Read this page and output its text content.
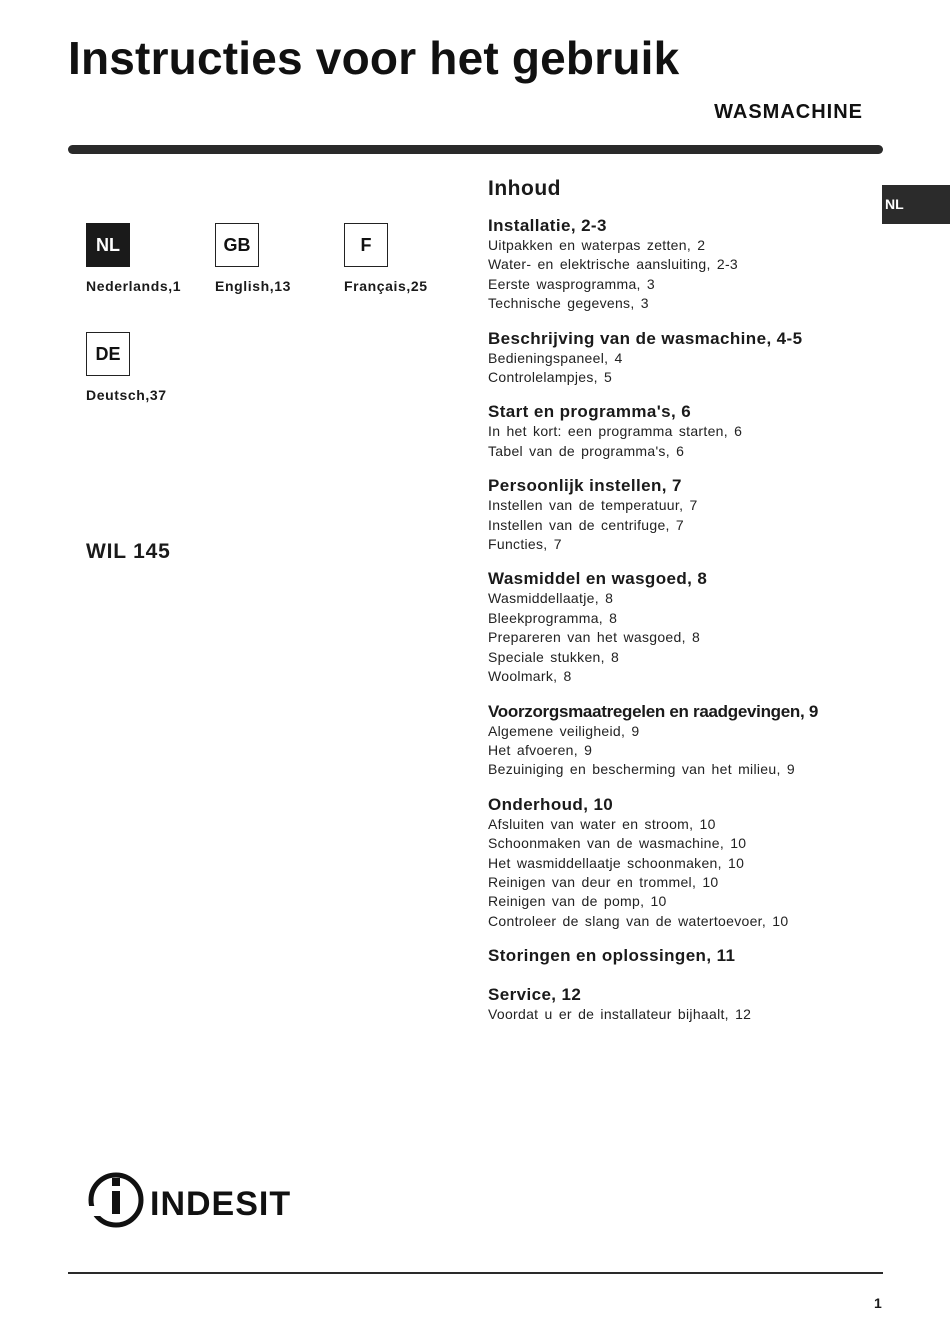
Instructies voor het gebruik
WASMACHINE
NL
NL
Nederlands,1
GB
English,13
F
Français,25
DE
Deutsch,37
WIL 145
Inhoud
Installatie, 2-3
Uitpakken en waterpas zetten, 2
Water- en elektrische aansluiting, 2-3
Eerste wasprogramma, 3
Technische gegevens, 3
Beschrijving van de wasmachine, 4-5
Bedieningspaneel, 4
Controlelampjes, 5
Start en programma's, 6
In het kort: een programma starten, 6
Tabel van de programma's, 6
Persoonlijk instellen, 7
Instellen van de temperatuur, 7
Instellen van de centrifuge, 7
Functies, 7
Wasmiddel en wasgoed, 8
Wasmiddellaatje, 8
Bleekprogramma, 8
Prepareren van het wasgoed, 8
Speciale stukken, 8
Woolmark, 8
Voorzorgsmaatregelen en raadgevingen, 9
Algemene veiligheid, 9
Het afvoeren, 9
Bezuiniging en bescherming van het milieu, 9
Onderhoud, 10
Afsluiten van water en stroom, 10
Schoonmaken van de wasmachine, 10
Het wasmiddellaatje schoonmaken, 10
Reinigen van deur en trommel, 10
Reinigen van de pomp, 10
Controleer de slang van de watertoevoer, 10
Storingen en oplossingen, 11
Service, 12
Voordat u er de installateur bijhaalt, 12
INDESIT
1
